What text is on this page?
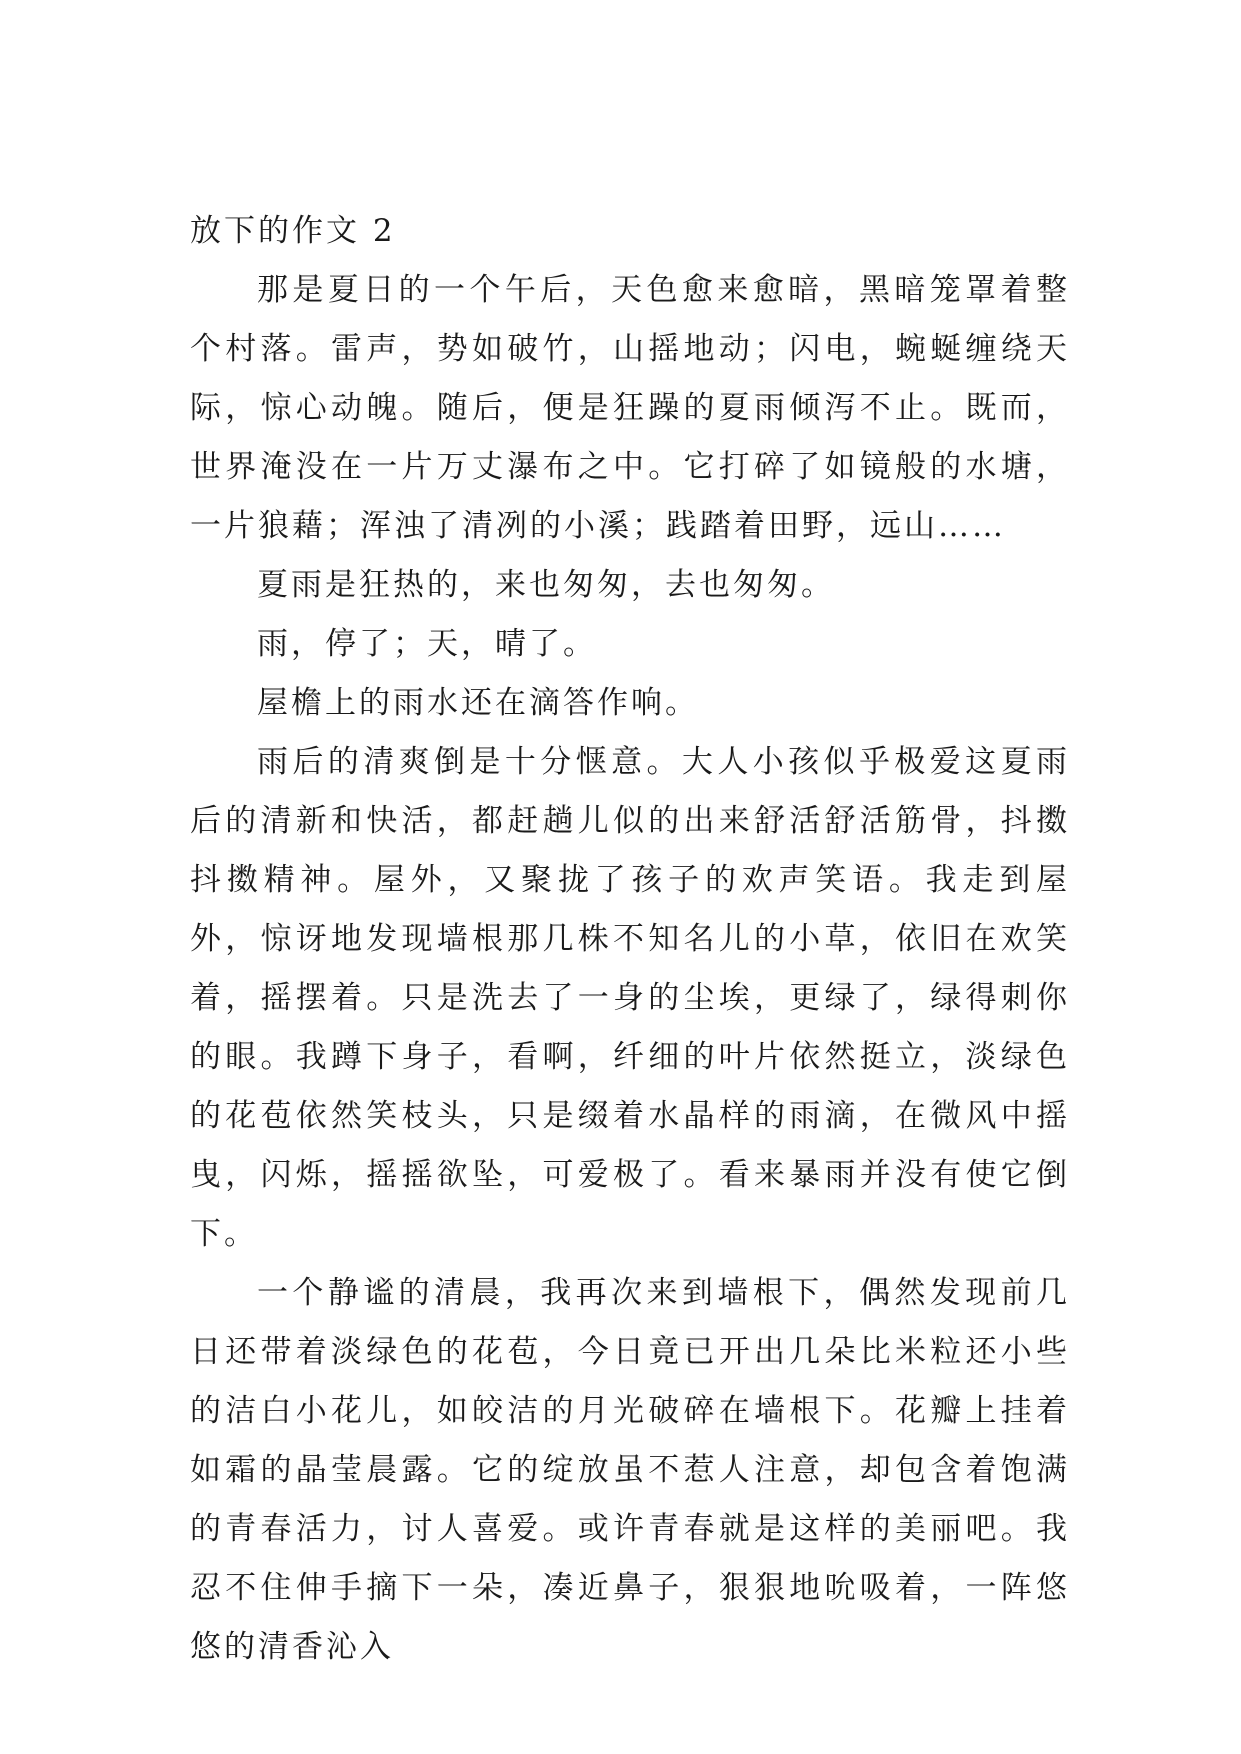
放下的作文 2

那是夏日的一个午后，天色愈来愈暗，黑暗笼罩着整个村落。雷声，势如破竹，山摇地动；闪电，蜿蜒缠绕天际，惊心动魄。随后，便是狂躁的夏雨倾泻不止。既而，世界淹没在一片万丈瀑布之中。它打碎了如镜般的水塘，一片狼藉；浑浊了清冽的小溪；践踏着田野，远山……

夏雨是狂热的，来也匆匆，去也匆匆。

雨，停了；天，晴了。

屋檐上的雨水还在滴答作响。

雨后的清爽倒是十分惬意。大人小孩似乎极爱这夏雨后的清新和快活，都赶趟儿似的出来舒活舒活筋骨，抖擞抖擞精神。屋外，又聚拢了孩子的欢声笑语。我走到屋外，惊讶地发现墙根那几株不知名儿的小草，依旧在欢笑着，摇摆着。只是洗去了一身的尘埃，更绿了，绿得刺你的眼。我蹲下身子，看啊，纤细的叶片依然挺立，淡绿色的花苞依然笑枝头，只是缀着水晶样的雨滴，在微风中摇曳，闪烁，摇摇欲坠，可爱极了。看来暴雨并没有使它倒下。

一个静谧的清晨，我再次来到墙根下，偶然发现前几日还带着淡绿色的花苞，今日竟已开出几朵比米粒还小些的洁白小花儿，如皎洁的月光破碎在墙根下。花瓣上挂着如霜的晶莹晨露。它的绽放虽不惹人注意，却包含着饱满的青春活力，讨人喜爱。或许青春就是这样的美丽吧。我忍不住伸手摘下一朵，凑近鼻子，狠狠地吮吸着，一阵悠悠的清香沁入
